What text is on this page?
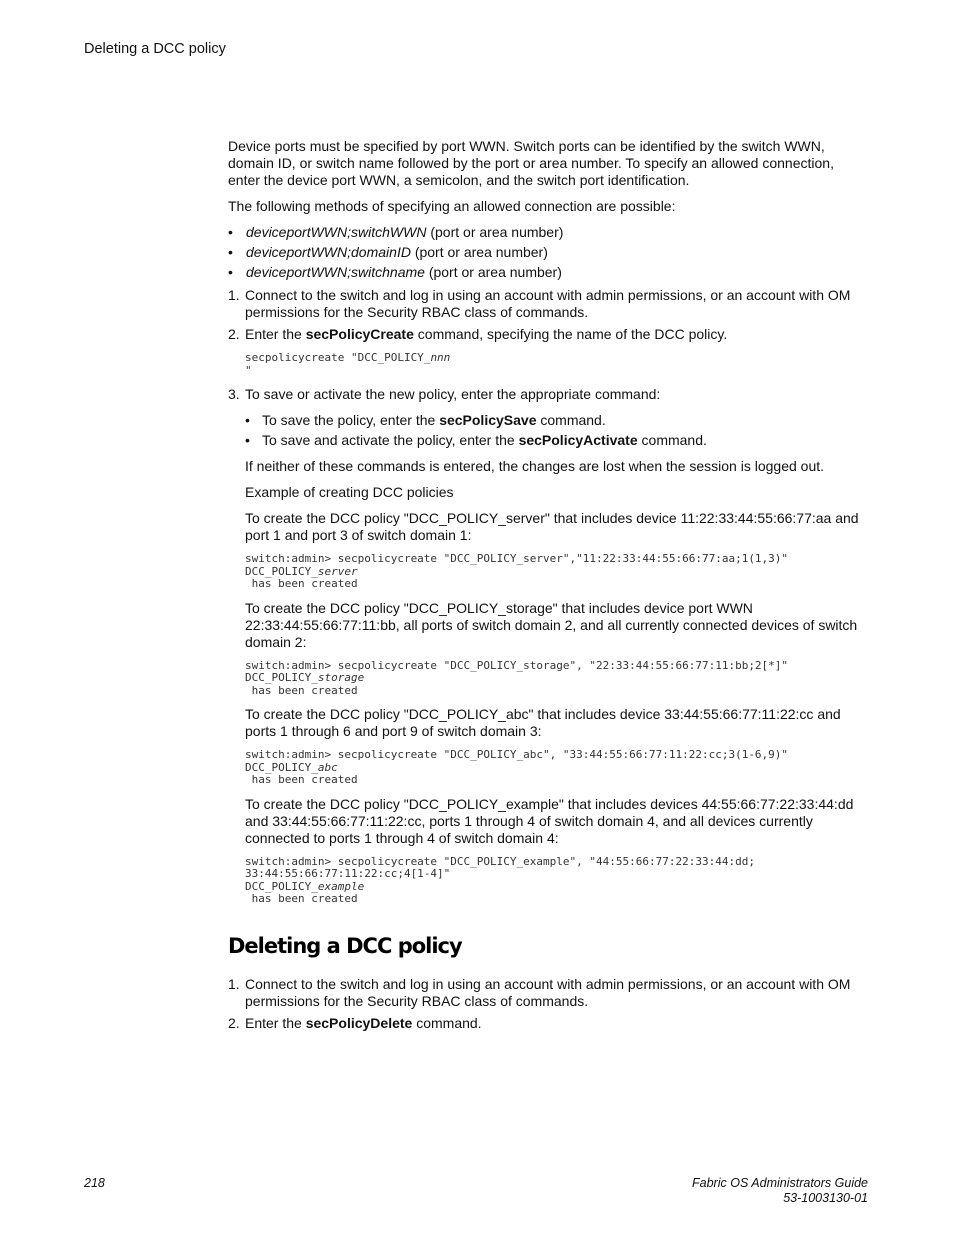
Deleting a DCC policy

Device ports must be specified by port WWN. Switch ports can be identified by the switch WWN, domain ID, or switch name followed by the port or area number. To specify an allowed connection, enter the device port WWN, a semicolon, and the switch port identification.

The following methods of specifying an allowed connection are possible:

• deviceportWWN;switchWWN (port or area number)
• deviceportWWN;domainID (port or area number)
• deviceportWWN;switchname (port or area number)
1. Connect to the switch and log in using an account with admin permissions, or an account with OM permissions for the Security RBAC class of commands.
2. Enter the secPolicyCreate command, specifying the name of the DCC policy.
secpolicycreate "DCC_POLICY_nnn
"
3. To save or activate the new policy, enter the appropriate command:
• To save the policy, enter the secPolicySave command.
• To save and activate the policy, enter the secPolicyActivate command.

If neither of these commands is entered, the changes are lost when the session is logged out.

Example of creating DCC policies

To create the DCC policy "DCC_POLICY_server" that includes device 11:22:33:44:55:66:77:aa and port 1 and port 3 of switch domain 1:

switch:admin> secpolicycreate "DCC_POLICY_server","11:22:33:44:55:66:77:aa;1(1,3)"
DCC_POLICY_server
has been created

To create the DCC policy "DCC_POLICY_storage" that includes device port WWN 22:33:44:55:66:77:11:bb, all ports of switch domain 2, and all currently connected devices of switch domain 2:

switch:admin> secpolicycreate "DCC_POLICY_storage", "22:33:44:55:66:77:11:bb;2[*]"
DCC_POLICY_storage
has been created

To create the DCC policy "DCC_POLICY_abc" that includes device 33:44:55:66:77:11:22:cc and ports 1 through 6 and port 9 of switch domain 3:

switch:admin> secpolicycreate "DCC_POLICY_abc", "33:44:55:66:77:11:22:cc;3(1-6,9)"
DCC_POLICY_abc
has been created

To create the DCC policy "DCC_POLICY_example" that includes devices 44:55:66:77:22:33:44:dd and 33:44:55:66:77:11:22:cc, ports 1 through 4 of switch domain 4, and all devices currently connected to ports 1 through 4 of switch domain 4:

switch:admin> secpolicycreate "DCC_POLICY_example", "44:55:66:77:22:33:44:dd;
33:44:55:66:77:11:22:cc;4[1-4]"
DCC_POLICY_example
has been created
Deleting a DCC policy
1. Connect to the switch and log in using an account with admin permissions, or an account with OM permissions for the Security RBAC class of commands.
2. Enter the secPolicyDelete command.
218	Fabric OS Administrators Guide
53-1003130-01
